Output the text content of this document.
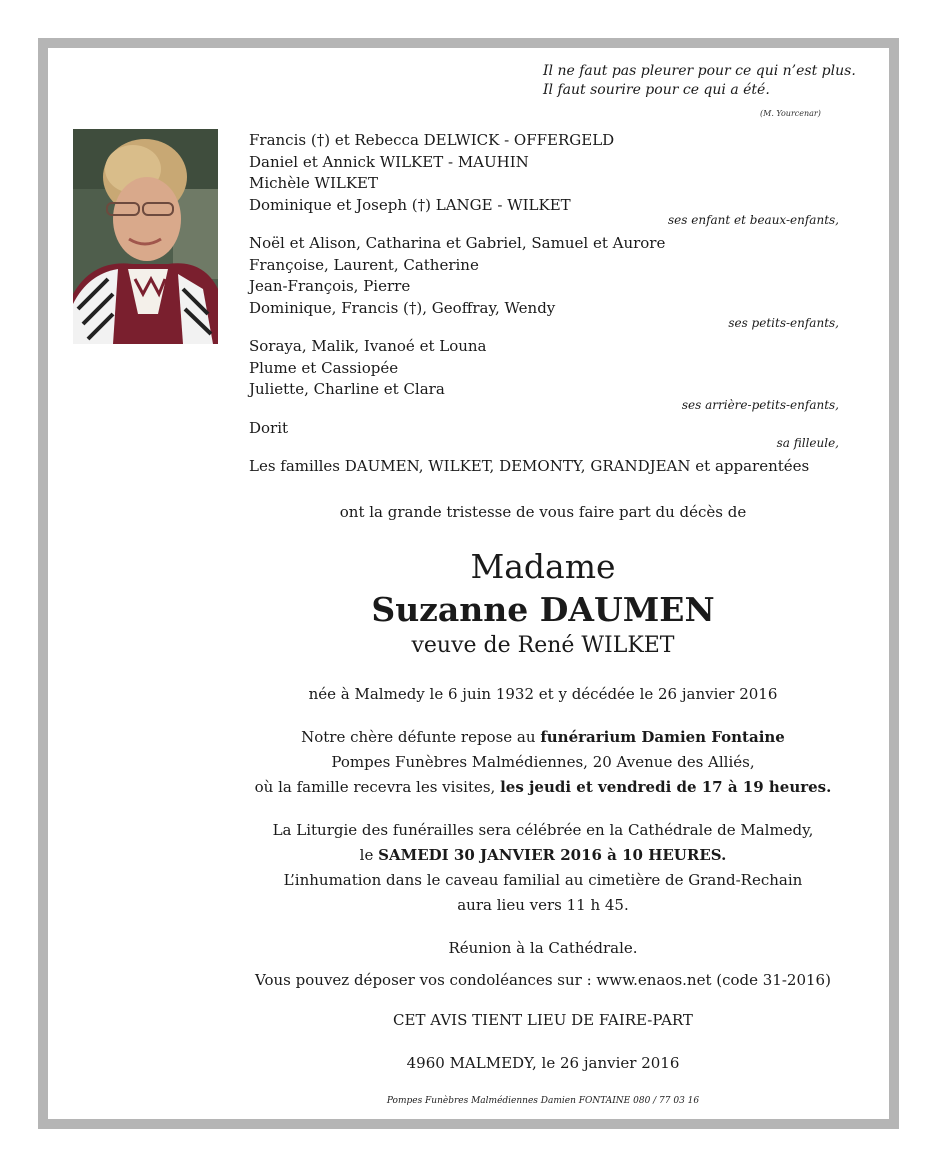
Il ne faut pas pleurer pour ce qui n’est plus.
Il faut sourire pour ce qui a été.
(M. Yourcenar)
Francis (†) et Rebecca DELWICK - OFFERGELD
Daniel et Annick WILKET - MAUHIN
Michèle WILKET
Dominique et Joseph (†) LANGE - WILKET
ses enfant et beaux-enfants,
Noël et Alison, Catharina et Gabriel, Samuel et Aurore
Françoise, Laurent, Catherine
Jean-François, Pierre
Dominique, Francis (†), Geoffray, Wendy
ses petits-enfants,
Soraya, Malik, Ivanoé et Louna
Plume et Cassiopée
Juliette, Charline et Clara
ses arrière-petits-enfants,
Dorit
sa filleule,
Les familles DAUMEN, WILKET, DEMONTY, GRANDJEAN et apparentées
ont la grande tristesse de vous faire part du décès de
Madame
Suzanne DAUMEN
veuve de René WILKET
née à Malmedy le 6 juin 1932 et y décédée le 26 janvier 2016
Notre chère défunte repose au funérarium Damien Fontaine
Pompes Funèbres Malmédiennes, 20 Avenue des Alliés,
où la famille recevra les visites, les jeudi et vendredi de 17 à 19 heures.
La Liturgie des funérailles sera célébrée en la Cathédrale de Malmedy,
le SAMEDI 30 JANVIER 2016 à 10 HEURES.
L’inhumation dans le caveau familial au cimetière de Grand-Rechain
aura lieu vers 11 h 45.
Réunion à la Cathédrale.
Vous pouvez déposer vos condoléances sur : www.enaos.net (code 31-2016)
CET AVIS TIENT LIEU DE FAIRE-PART
4960 MALMEDY, le 26 janvier 2016
Pompes Funèbres Malmédiennes Damien FONTAINE 080 / 77 03 16
